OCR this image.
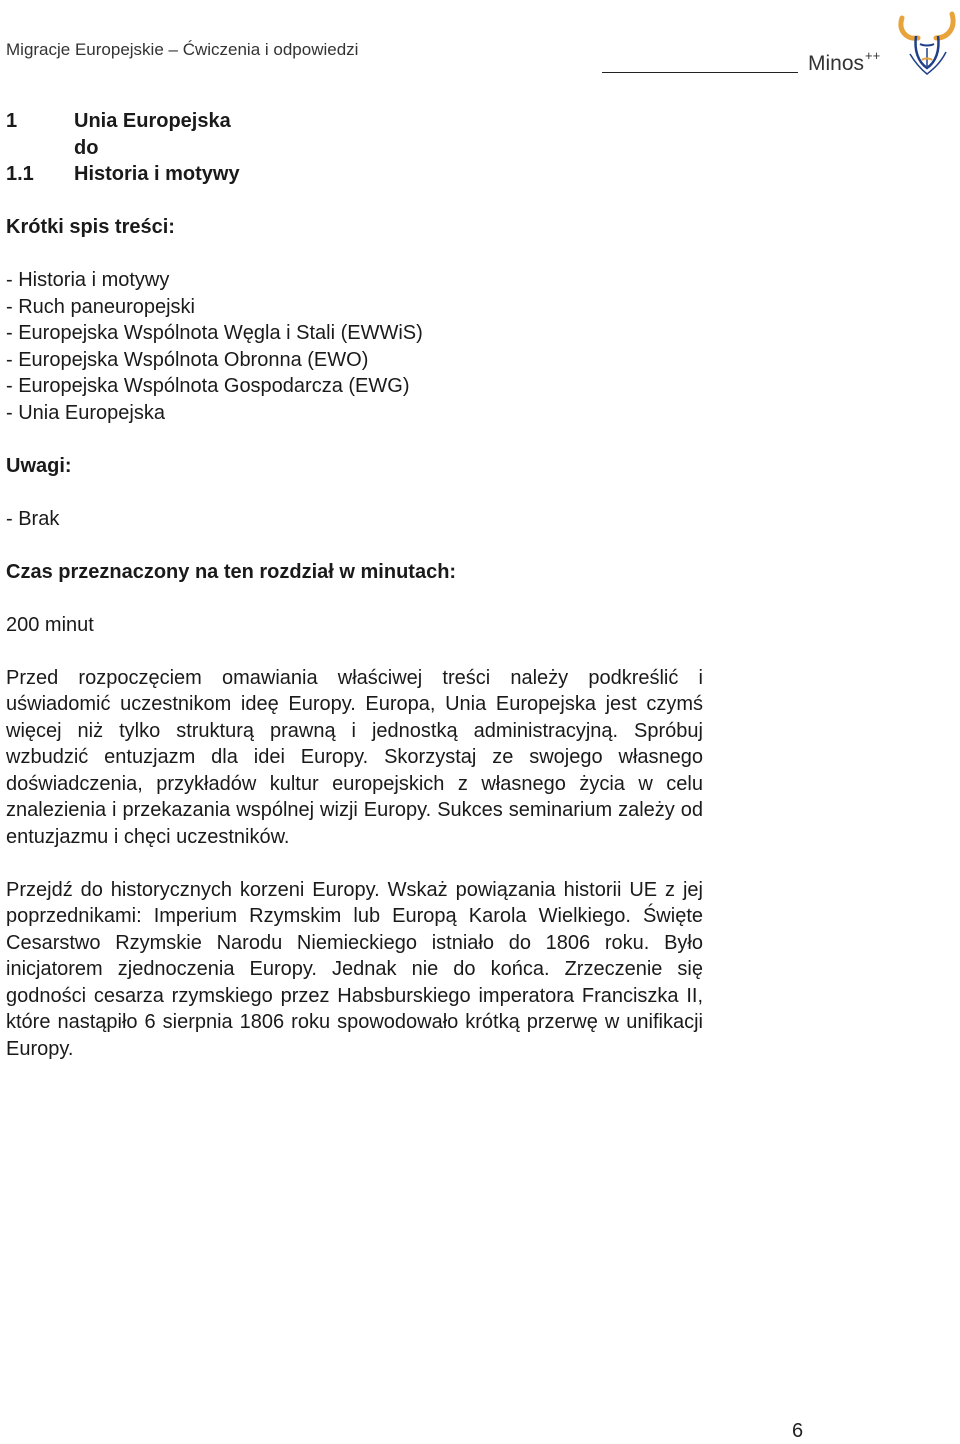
Migracje Europejskie – Ćwiczenia i odpowiedzi
Minos++
1	Unia Europejska
do
1.1	Historia i motywy
Krótki spis treści:
- Historia i motywy
- Ruch paneuropejski
- Europejska Wspólnota Węgla i Stali (EWWiS)
- Europejska Wspólnota Obronna (EWO)
- Europejska Wspólnota Gospodarcza (EWG)
- Unia Europejska
Uwagi:
- Brak
Czas przeznaczony na ten rozdział w minutach:

200 minut

Przed rozpoczęciem omawiania właściwej treści należy podkreślić i uświadomić uczestnikom ideę Europy. Europa, Unia Europejska jest czymś więcej niż tylko strukturą prawną i jednostką administracyjną. Spróbuj wzbudzić entuzjazm dla idei Europy. Skorzystaj ze swojego własnego doświadczenia, przykładów kultur europejskich z własnego życia w celu znalezienia i przekazania wspólnej wizji Europy. Sukces seminarium zależy od entuzjazmu i chęci uczestników.

Przejdź do historycznych korzeni Europy. Wskaż powiązania historii UE z jej poprzednikami: Imperium Rzymskim lub Europą Karola Wielkiego. Święte Cesarstwo Rzymskie Narodu Niemieckiego istniało do 1806 roku. Było inicjatorem zjednoczenia Europy. Jednak nie do końca. Zrzeczenie się godności cesarza rzymskiego przez Habsburskiego imperatora Franciszka II, które nastąpiło 6 sierpnia 1806 roku spowodowało krótką przerwę w unifikacji Europy.

6
